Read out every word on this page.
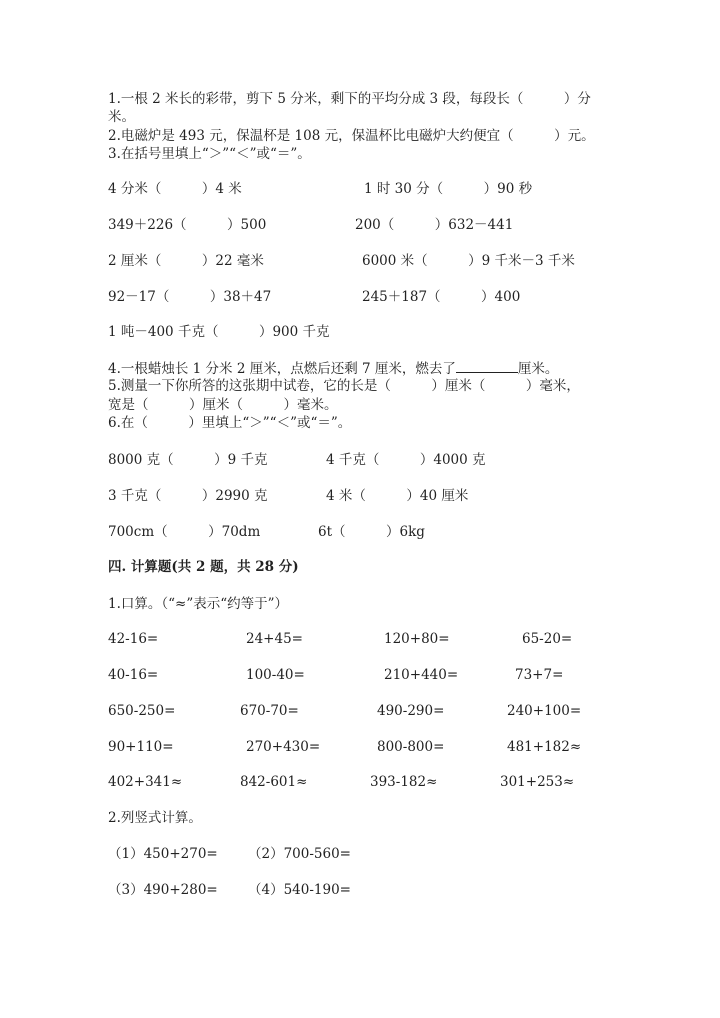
1.一根 2 米长的彩带，剪下 5 分米，剩下的平均分成 3 段，每段长（　　　）分
米。
2.电磁炉是 493 元，保温杯是 108 元，保温杯比电磁炉大约便宜（　　　）元。
3.在括号里填上“＞”“＜”或“＝”。
4 分米（　　　）4 米	1 时 30 分（　　　）90 秒
349＋226（　　　）500	200（　　　）632－441
2 厘米（　　　）22 毫米	6000 米（　　　）9 千米－3 千米
92－17（　　　）38＋47	245＋187（　　　）400
1 吨－400 千克（　　　）900 千克
4.一根蜡烛长 1 分米 2 厘米，点燃后还剩 7 厘米，燃去了	厘米。
5.测量一下你所答的这张期中试卷，它的长是（　　　）厘米（　　　）毫米，
宽是（　　　）厘米（　　　）毫米。
6.在（　　　）里填上“＞”“＜”或“＝”。
8000 克（　　　）9 千克	4 千克（　　　）4000 克
3 千克（　　　）2990 克	4 米（　　　）40 厘米
700cm（　　　）70dm	6t（　　　）6kg
四. 计算题(共 2 题，共 28 分)
1.口算。（“≈”表示“约等于”）
42-16=	24+45=	120+80=	65-20=
40-16=	100-40=	210+440=	73+7=
650-250=	670-70=	490-290=	240+100=
90+110=	270+430=	800-800=	481+182≈
402+341≈	842-601≈	393-182≈	301+253≈
2.列竖式计算。
（1）450+270= （2）700-560=
（3）490+280= （4）540-190=
